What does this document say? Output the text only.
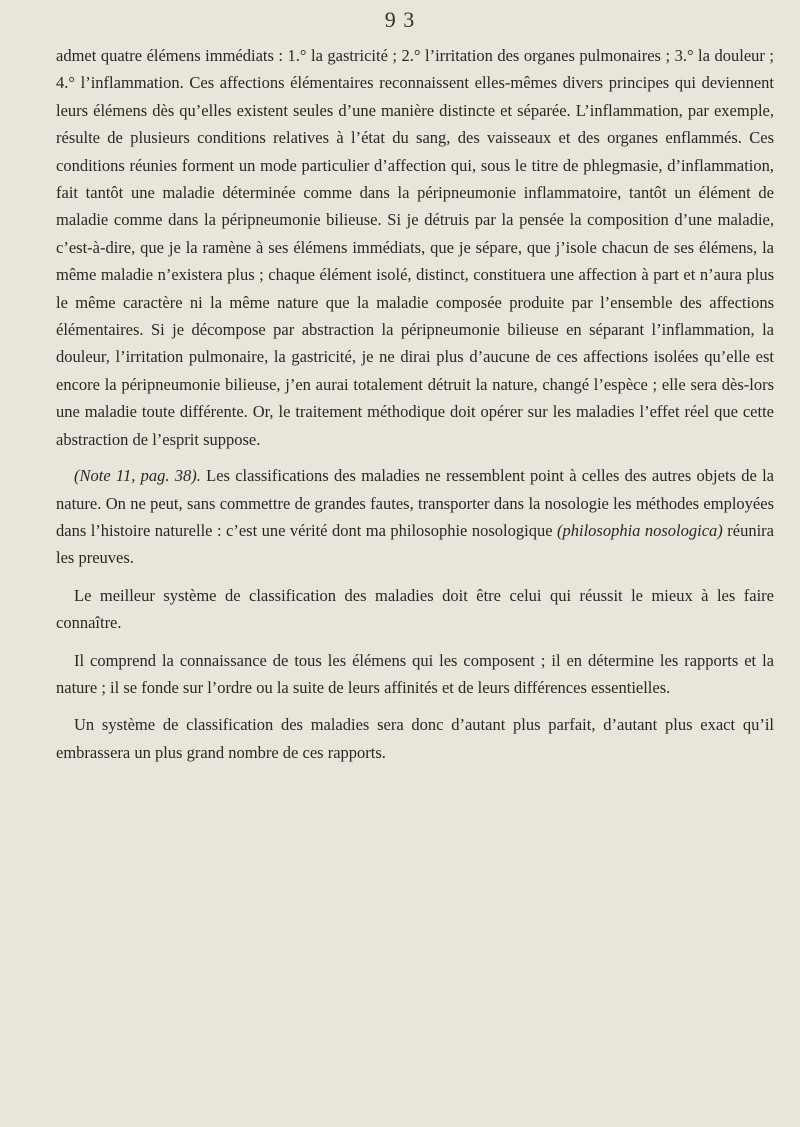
9 3

admet quatre élémens immédiats : 1.° la gastricité ; 2.° l’irritation des organes pulmonaires ; 3.° la douleur ; 4.° l’inflammation. Ces affections élémentaires reconnaissent elles-mêmes divers principes qui deviennent leurs élémens dès qu’elles existent seules d’une manière distincte et séparée. L’inflammation, par exemple, résulte de plusieurs conditions relatives à l’état du sang, des vaisseaux et des organes enflammés. Ces conditions réunies forment un mode particulier d’affection qui, sous le titre de phlegmasie, d’inflammation, fait tantôt une maladie déterminée comme dans la péripneumonie inflammatoire, tantôt un élément de maladie comme dans la péripneumonie bilieuse. Si je détruis par la pensée la composition d’une maladie, c’est-à-dire, que je la ramène à ses élémens immédiats, que je sépare, que j’isole chacun de ses élémens, la même maladie n’existera plus ; chaque élément isolé, distinct, constituera une affection à part et n’aura plus le même caractère ni la même nature que la maladie composée produite par l’ensemble des affections élémentaires. Si je décompose par abstraction la péripneumonie bilieuse en séparant l’inflammation, la douleur, l’irritation pulmonaire, la gastricité, je ne dirai plus d’aucune de ces affections isolées qu’elle est encore la péripneumonie bilieuse, j’en aurai totalement détruit la nature, changé l’espèce ; elle sera dès-lors une maladie toute différente. Or, le traitement méthodique doit opérer sur les maladies l’effet réel que cette abstraction de l’esprit suppose.

(Note 11, pag. 38). Les classifications des maladies ne ressemblent point à celles des autres objets de la nature. On ne peut, sans commettre de grandes fautes, transporter dans la nosologie les méthodes employées dans l’histoire naturelle : c’est une vérité dont ma philosophie nosologique (philosophia nosologica) réunira les preuves.

Le meilleur système de classification des maladies doit être celui qui réussit le mieux à les faire connaître.

Il comprend la connaissance de tous les élémens qui les composent ; il en détermine les rapports et la nature ; il se fonde sur l’ordre ou la suite de leurs affinités et de leurs différences essentielles.

Un système de classification des maladies sera donc d’autant plus parfait, d’autant plus exact qu’il embrassera un plus grand nombre de ces rapports.
